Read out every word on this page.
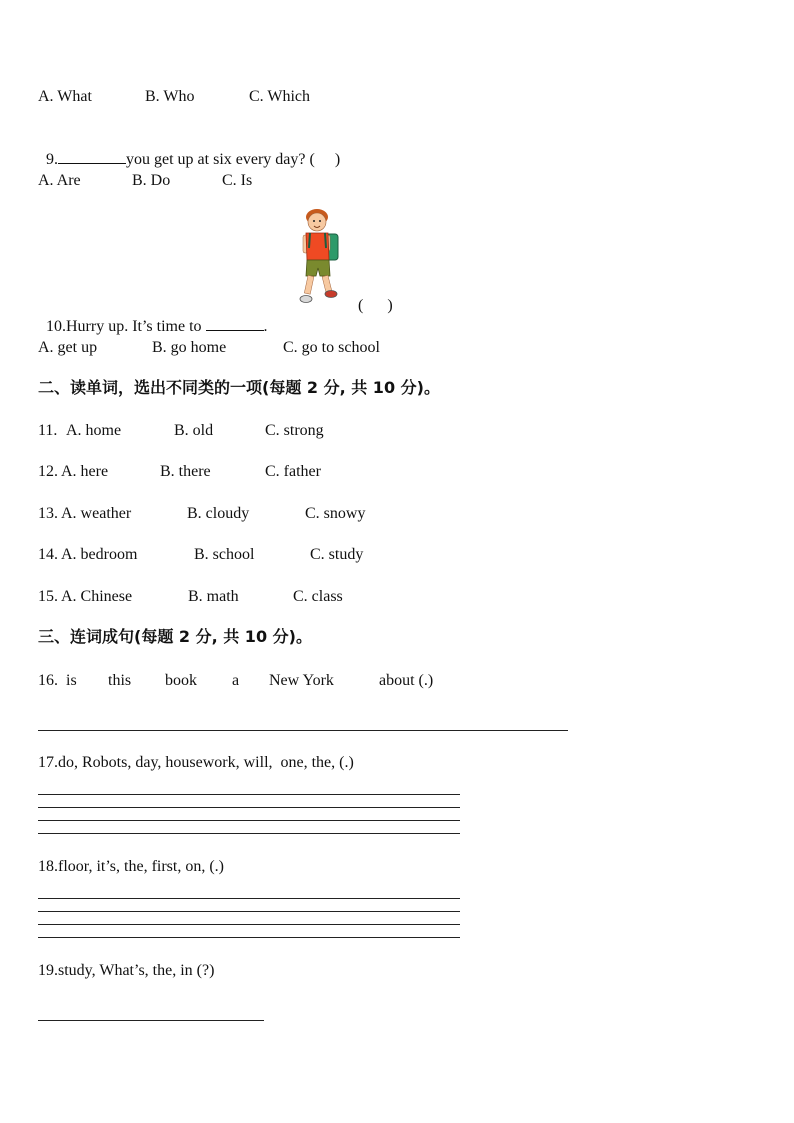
A. What

	B. Who

	C. Which

9.	you get up at six every day? (     )

A. Are

	B. Do

	C. Is

10.Hurry up. It’s time to	.

(      )

A. get up

	B. go home

	C. go to school

二、读单词，选出不同类的一项(每题 2 分, 共 10 分)。

11.

A. home

	B. old

	C. strong

12.

A. here

	B. there

	C. father

13.

A. weather

	B. cloudy

	C. snowy

14.

A. bedroom

	B. school

	C. study

15.

A. Chinese

	B. math

	C. class

三、连词成句(每题 2 分, 共 10 分)。

16.

is

this

book

a

New York

	about (.)

17.do, Robots, day, housework, will,  one, the, (.)
18.floor, it’s, the, first, on, (.)
19.study, What’s, the, in (?)
